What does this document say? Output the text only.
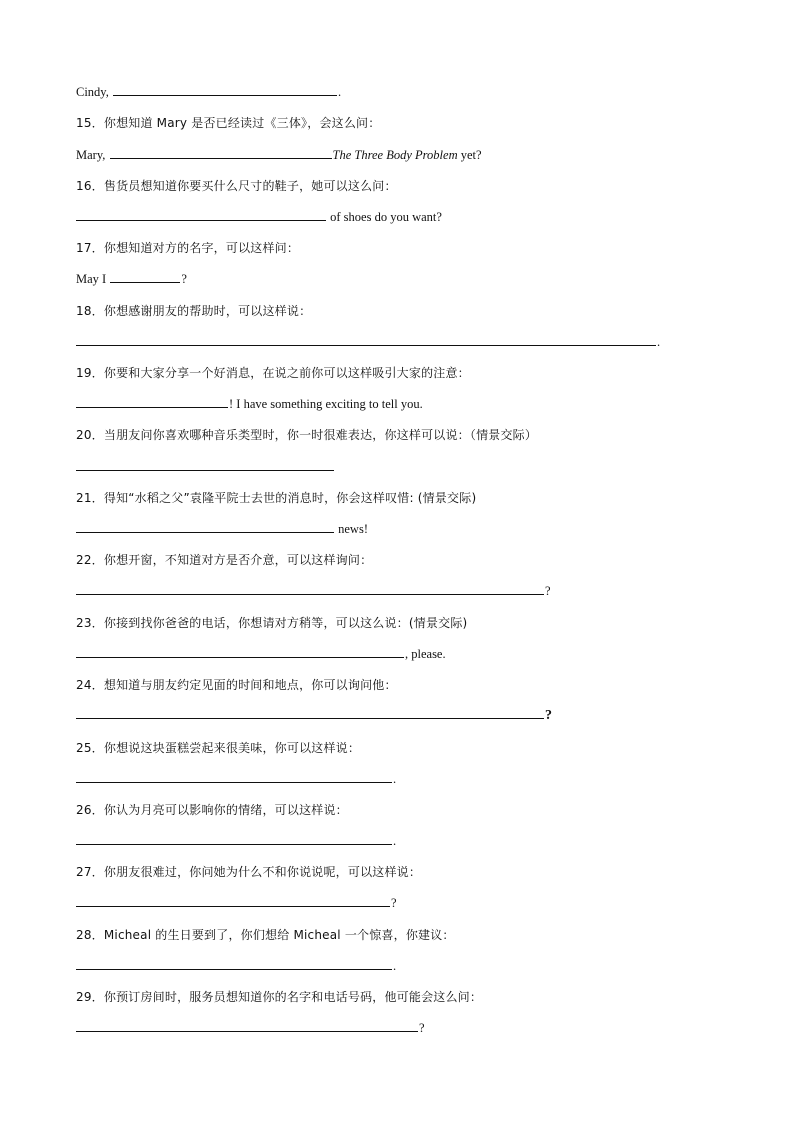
Cindy,	.
15．你想知道 Mary 是否已经读过《三体》，会这么问：
Mary,	The Three Body Problem yet?
16．售货员想知道你要买什么尺寸的鞋子，她可以这么问：
of shoes do you want?
17．你想知道对方的名字，可以这样问：
May I	?
18．你想感谢朋友的帮助时，可以这样说：
.
19．你要和大家分享一个好消息，在说之前你可以这样吸引大家的注意：
! I have something exciting to tell you.
20．当朋友问你喜欢哪种音乐类型时，你一时很难表达，你这样可以说：（情景交际）
21．得知“水稻之父”袁隆平院士去世的消息时，你会这样叹惜: (情景交际)
news!
22．你想开窗，不知道对方是否介意，可以这样询问：
?
23．你接到找你爸爸的电话，你想请对方稍等，可以这么说：(情景交际)
, please.
24．想知道与朋友约定见面的时间和地点，你可以询问他：
?
25．你想说这块蛋糕尝起来很美味，你可以这样说：
.
26．你认为月亮可以影响你的情绪，可以这样说：
.
27．你朋友很难过，你问她为什么不和你说说呢，可以这样说：
?
28．Micheal 的生日要到了，你们想给 Micheal 一个惊喜，你建议：
.
29．你预订房间时，服务员想知道你的名字和电话号码，他可能会这么问：
?
